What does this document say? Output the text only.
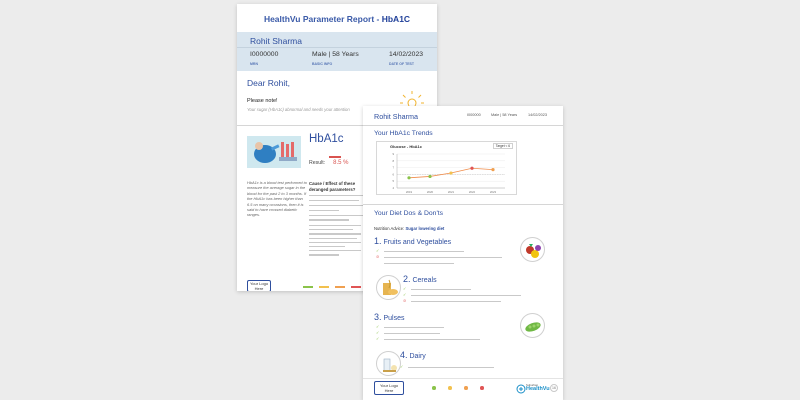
HealthVu Parameter Report - HbA1C
Rohit Sharma
I0000000	Male | 58 Years	14/02/2023
MRN	BASIC INFO	DATE OF TEST
Dear Rohit,
Please note!
Your sugar (HbA1c) abnormal and needs your attention
HbA1c
Result: 8.5 %
HbA1c is a blood test performed to measure the average sugar in the blood for the past 2 to 3 months. If the HbA1c has been higher than 6.5 on many occasions, then it is said to have crossed diabetic ranges.
Cause / Effect of these deranged parameters?
Your Logo
Here
Rohit Sharma	I000000	Male | 58 Years	14/02/2023
Your HbA1c Trends
Glucose - HbA1c	Target < 6
9
8
7
6
5
4
2019	2020	2021	2022	2023
Your Diet Dos & Don'ts
Nutrition Advice: Sugar lowering diet
1. Fruits and Vegetables
✓
⊘
2. Cereals
✓
✓
⊘
3. Pulses
✓
✓
✓
4. Dairy
✓
Your Logo
Here
Suburban
HealthVu 16
